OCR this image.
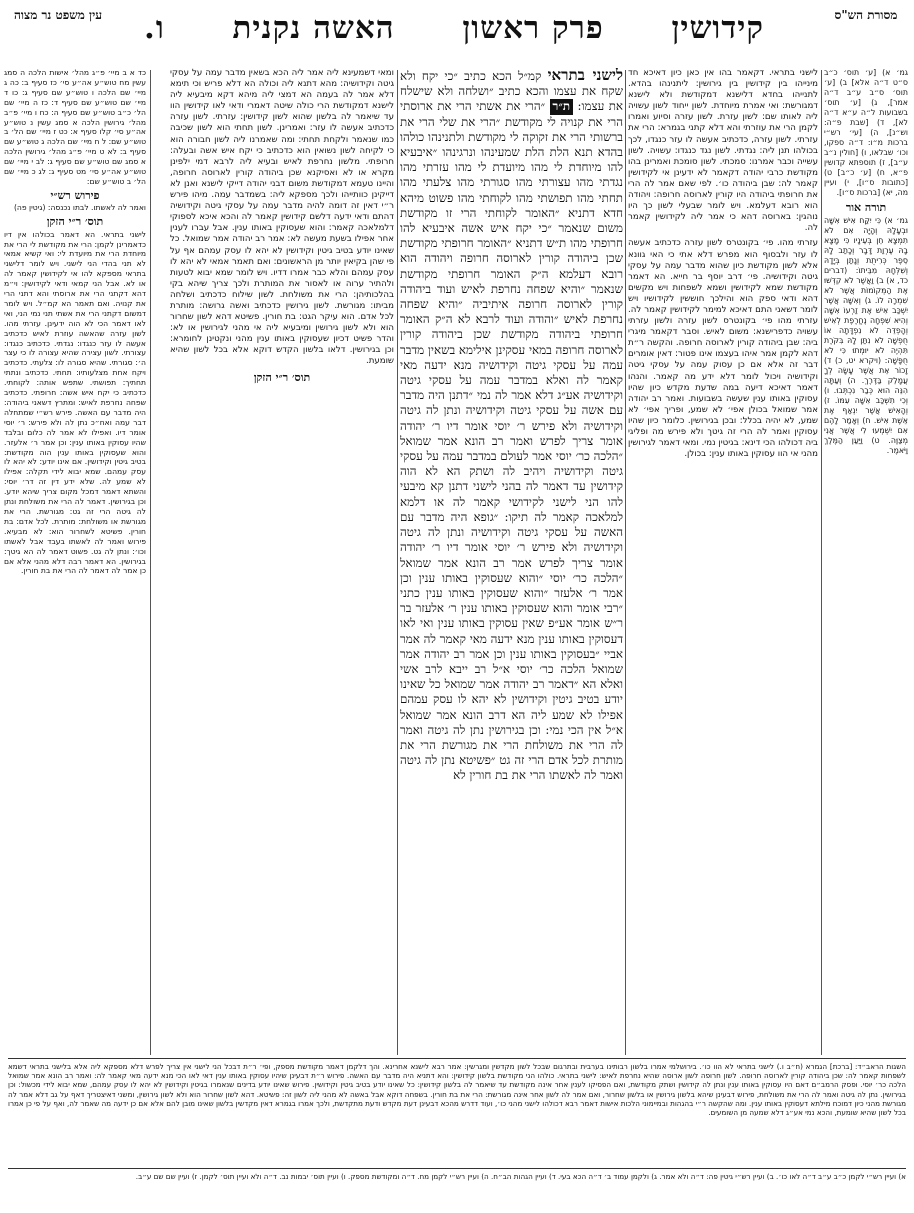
מסורת הש"ס
קידושין
פרק ראשון
האשה נקנית
ו.
עין משפט נר מצוה
גמ׳ א) [ע׳ תוס׳ כ״ב ס״ט ד״ה אלא] ב) [ע׳ תוס׳ ס״ב ע״ב ד״ה אמר], ג) [ע׳ תוס׳ בשבועות ל״ה ע״א ד״ה לא], ד) [שבת פ״ה: וש״נ], ה) [עי׳ רש״י ברכות מ״ו: ד״ה ספקו, וכו׳ שבלאו, ו) [חולין נ״ב ע״ב], ז) תוספתא קדושין פ״א, ח) [ע׳ כ״ב] ט) [כתובות ס״ו], י) ועיין מה, יא) [ברכות ס״ו].
תורה אור
גמ׳ א) כִּי יִקַּח אִישׁ אִשָּׁה וּבְעָלָהּ וְהָיָה אִם לֹא תִמְצָא חֵן בְּעֵינָיו כִּי מָצָא בָהּ עֶרְוַת דָּבָר וְכָתַב לָהּ סֵפֶר כְּרִיתֻת וְנָתַן בְּיָדָהּ וְשִׁלְּחָהּ מִבֵּיתוֹ: (דברים כד, א) ב) וַאֲשֶׁר לֹא קִדְּשׁוּ אֶת הַמְּקוֹמוֹת אֲשֶׁר לֹא שִׁמְרָה לוֹ. ג) וְאִשָּׁה אֲשֶׁר יִשְׁכַּב אִישׁ אֶת זַרְעוֹ אִשָּׁה וְהִיא שִׁפְחָה נֶחֱרֶפֶת לְאִישׁ וְהָפְדֵּה לֹא נִפְדָּתָה אוֹ חֻפְשָׁה לֹא נִתַּן לָהּ בִּקֹּרֶת תִּהְיֶה לֹא יוּמְתוּ כִּי לֹא חֻפָּשָׁה: (ויקרא יט, כ) ד) זָכוֹר אֵת אֲשֶׁר עָשָׂה לְךָ עֲמָלֵק בַּדֶּרֶךְ. ה) וְעַתָּה הִנֵּה הוּא כְּבַר נִכְתְּבוּ. ו) וְכִי תִשְׁכַּב אִשָּׁה עִמּוֹ. ז) וְהָאִישׁ אֲשֶׁר יִנְאַף אֶת אֵשֶׁת אִישׁ. ח) וְאָמַר לָהֶם אִם יִשְׁמְעוּ לִי אֲשֶׁר אֲנִי מְצַוֶּה. ט) וַיַּעַן הַמֶּלֶךְ וַיֹּאמֶר.
לישני בתראי. דקאמר בהו אין כאן כיון דאיכא חד מינייהו בין קידושין בין גירושין: ליתנינהו בהדא. לתנייהו בחדא דלישנא דמקודשת ולא לישנא דמגורשת: ואי אמרת מיוחדת. לשון ייחוד לשון עשויה ליה לאותו שם: לשון עזרת. לשון עזרה וסיוע ואמרו לקמן הרי את עוזרתי והא דלא קתני בגמרא: הרי את עזרתי. לשון עזרה, כדכתיב אעשה לו עזר כנגדו, לכך בכולהו תנן ליה: נגדתי. לשון נגד כנגדו: עשויה. לשון עשייה וכבר אמרנו: סמכתי. לשון סומכת ואמרינן בהו מקודשת כרבי יהודה דקאמר לא ידעינן אי לקידושין קאמר לה: שבן ביהודה כו׳. לפי שאם אמר לה הרי את חרופתי ביהודה היו קורין לארוסה חרופה: ויהודה הוא רובא דעלמא. ויש לומר שבעלי לשון כך היו נוהגין: בארוסה דהא כי אמר ליה לקידושין קאמר לה.
עזרתי מהו. פי׳ בקונטרס לשון עזרה כדכתיב אעשה לו עזר ולבסוף הוא מפרש דלא אתי כי האי גוונא אלא לשון מקודשת כיון שהוא מדבר עמה על עסקי גיטה וקידושיה. פי׳ דרב יוסף בר חייא. הא דאמר מקודשת שמא לקידושין ושמא לשפחות ויש מקשים דהא ודאי ספק הוא והילכך חוששין לקידושיו ויש לומר דשאני התם דאיכא למימר לקידושין קאמר לה. עזרתי מהו פי׳ בקונטרס לשון עזרה ולשון עזרתי עשויה כדפרישנא: משום לאיש. וסבר דקאמר מיגרי ביה: שבן ביהודה קורין לארוסה חרופה. והקשה ר״ת דהא לקמן אמר איהו בעצמו אינו פטור: דאין אומרים דבר זה אלא אם כן עסוק עמה על עסקי גיטה וקידושיה ויכול לומר דלא ידע מה קאמר. והנהו דאמר דאיכא דיעה במה שדעת מקדש כיון שהיו עסוקין באותו ענין שעשה בשבועות. ואמר רב יהודה אמר שמואל בכולן אפי׳ לא שמע, ופריך אפי׳ לא שמע, לא יהיה בכלל: ובכן בגירושין. כלומר כיון שהיו עסוקין ואמר לה הרי זה גיטך ולא פירש מה ופליגי ביה דכולהו הכי דינא: בגיטין נמי. ומאי דאמר לגירושין מהני אי הוו עסוקין באותו ענין: בכולן.
לישני בתראי קמ״ל הכא כתיב ״כי יקח ולא שקח את עצמו והכא כתיב ״ושלחה ולא שישלח את עצמו: ת״ר ״הרי את אשתי הרי את ארוסתי הרי את קנויה לי מקודשת ״הרי את שלי הרי את ברשותי הרי את זקוקה לי מקודשת ולתנינהו כולהו בהדא תנא הלת הלת שמעינהו ונרגינהו ״איבעיא להו מיוחדת לי מהו מיועדת לי מהו עזרתי מהו נגדתי מהו עצורתי מהו סגורתי מהו צלעתי מהו תחתי מהו תפושתי מהו לקוחתי מהו פשוט מיהא חדא דתניא ״האומר לקוחתי הרי זו מקודשת משום שנאמר ״כי יקח איש אשה איבעיא להו חרופתי מהו ת״ש דתניא ״האומר חרופתי מקודשת שכן ביהודה קורין לארוסה חרופה ויהודה הוא רובא דעלמא ה״ק האומר חרופתי מקודשת שנאמר ״והיא שפחה נחרפת לאיש ועוד ביהודה קורין לארוסה חרופה איתיביה ״והיא שפחה נחרפת לאיש ״והודה ועוד לרבא לא ה״ק האומר חרופתי ביהודה מקודשת שכן ביהודה קורין לארוסה חרופה במאי עסקינן אילימא בשאין מדבר עמה על עסקי גיטה וקידושיה מנא ידעה מאי קאמר לה ואלא במדבר עמה על עסקי גיטה וקידושיה אע״ג דלא אמר לה נמי ״דתנן היה מדבר עם אשה על עסקי גיטה וקידושיה ונתן לה גיטה וקידושיה ולא פירש ר׳ יוסי אומר דיו ר׳ יהודה אומר צריך לפרש ואמר רב הונא אמר שמואל ״הלכה כר׳ יוסי אמר לעולם במדבר עמה על עסקי גיטה וקידושיה ויהיב לה ושתק הא לא הוה קידושין עד דאמר לה בהני לישני דתנן קא מיבעי להו הני לישני לקידושי קאמר לה או דלמא למלאכה קאמר לה תיקו: ״גופא היה מדבר עם האשה על עסקי גיטה וקידושיה ונתן לה גיטה וקידושיה ולא פירש ר׳ יוסי אומר דיו ר׳ יהודה אומר צריך לפרש אמר רב הונא אמר שמואל ״הלכה כר׳ יוסי ״והוא שעסוקין באותו ענין וכן אמר ר׳ אלעזר ״והוא שעסוקין באותו ענין כתני ״רבי אומר והוא שעסוקין באותו ענין ר׳ אלעזר בר ר״ש אומר אע״פ שאין עסוקין באותו ענין ואי לאו דעסוקין באותו ענין מנא ידעה מאי קאמר לה אמר אביי ״בעסוקין באותו ענין וכן אמר רב יהודה אמר שמואל הלכה כר׳ יוסי א״ל רב ייבא לרב אשי ואלא הא ״דאמר רב יהודה אמר שמואל כל שאינו יודע בטיב גיטין וקידושין לא יהא לו עסק עמהם אפילו לא שמע ליה הא דרב הונא אמר שמואל א״ל אין הכי נמי: וכן בגירושין נתן לה גיטה ואמר לה הרי את משולחת הרי את מגורשת הרי את מותרת לכל אדם הרי זה גט ״פשיטא נתן לה גיטה ואמר לה לאשתו הרי את בת חורין לא
ומאי דשמעינא ליה אמר ליה הכא בשאין מדבר עמה על עסקי גיטה וקידושיה: מהא דתנא ליה וכולה הא דלא פריש וכי תימא דלא אמר לה בעמה הא דמצי ליה מיהא דקא מיבעיא ליה לישנא דמקודשת הרי כולה שיטה דאמרי ודאי לאו קידושין הוו עד שיאמר לה בלשון שהוא לשון קידושין: עזרתי. לשון עזרה כדכתיב אעשה לו עזר: ואמרינן. לשון תחתי הוא לשון שכיבה כמו שנאמר ולקחת תחתי: ומה שאמרנו ליה לשון חבורה הוא כי לקיחה לשון נשואין הוא כדכתיב כי יקח איש אשה ובעלה: חרופתי. מלשון נחרפת לאיש ובעיא ליה לרבא דמי ילפינן מקרא או לא ואסיקנא שכן ביהודה קורין לארוסה חרופה, והיינו טעמא דמקודשת משום דבני יהודה דייקי לישנא ואנן לא דייקינן כוותייהו ולכך מספקא ליה: בשמדבר עמה. מיהו פירש ר״י דאין זה דומה להיה מדבר עמה על עסקי גיטה וקידושיה דהתם ודאי ידעה דלשם קידושין קאמר לה והכא איכא לספוקי דלמלאכה קאמר: והוא שעסוקין באותו ענין. אבל עברו לענין אחר אפילו בשעת מעשה לא: אמר רב יהודה אמר שמואל. כל שאינו יודע בטיב גיטין וקידושין לא יהא לו עסק עמהם אף על פי שהן בקיאין יותר מן הראשונים: ואם תאמר אמאי לא יהא לו עסק עמהם והלא כבר אמרו דדיו. ויש לומר שמא יבוא לטעות ולהתיר ערוה או לאסור את המותרת ולכך צריך שיהא בקי בהלכותיהן: הרי את משולחת. לשון שילוח כדכתיב ושלחה מביתו: מגורשת. לשון גירושין כדכתיב ואשה גרושה: מותרת לכל אדם. הוא עיקר הגט: בת חורין. פשיטא דהא לשון שחרור הוא ולא לשון גירושין ומיבעיא ליה אי מהני לגירושין או לא: והדר פשיט דכיון שעסוקין באותו ענין מהני ונקטינן לחומרא: וכן בגירושין. דלאו בלשון הקדש דוקא אלא בכל לשון שהיא שומעת.
תוס׳ ר״י הזקן
כד א ב מיי׳ פ״ג מהל׳ אישות הלכה ה סמג עשין מח טוש״ע אה״ע סי׳ כז סעיף ב: כה ג מיי׳ שם הלכה ו טוש״ע שם סעיף ג: כו ד מיי׳ שם טוש״ע שם סעיף ד: כז ה מיי׳ שם הל׳ כ״ב טוש״ע שם סעיף ה: כח ו מיי׳ פ״ב מהל׳ גירושין הלכה א סמג עשין נ טוש״ע אה״ע סי׳ קלו סעיף א: כט ז מיי׳ שם הל׳ ב טוש״ע שם: ל ח מיי׳ שם הלכה ג טוש״ע שם סעיף ב: לא ט מיי׳ פ״ג מהל׳ גירושין הלכה א סמג שם טוש״ע שם סעיף ג: לב י מיי׳ שם טוש״ע אה״ע סי׳ מט סעיף ג: לג כ מיי׳ שם הל׳ ב טוש״ע שם:
פירוש רש״י
ואמר לה לאשתו. לבתו נכנסה: (גיטין פה)
תוס׳ ר״י הזקן
לישני בתראי. הא דאמר בכולהו אין דיו כדאמרינן לקמן: הרי את מקודשת לי הרי את מיוחדת הרי את מיועדת לי: ואי קשיא אמאי לא תני בהדי הני לישני. ויש לומר דלישני בתראי מספקא להו אי לקידושין קאמר לה או לא. אבל הני קמאי ודאי לקידושין: וי״מ דהא דקתני הרי את ארוסתי והא דתני הרי את קנויה. ואם תאמר הא קמ״ל. ויש לומר דמשום דקתני הרי את אשתי תני נמי הני, ואי לאו דאמר הכי לא הוה ידעינן. עזרתי מהו. לשון עזרה שהאשה עוזרת לאיש כדכתיב אעשה לו עזר כנגדו: נגדתי. כדכתיב כנגדו: עצורתי. לשון עצירה שהיא עצורה לו כי עצר ה׳: סגורתי. שהיא סגורה לו: צלעתי. כדכתיב ויקח אחת מצלעותיו: תחתי. כדכתיב ונתתי תחתיך: תפושתי. שתפש אותה: לקוחתי. כדכתיב כי יקח איש אשה: חרופתי. כדכתיב שפחה נחרפת לאיש: ומתרץ דשאני ביהודה: היה מדבר עם האשה. פירש רש״י שמתחלה דבר עמה ואח״כ נתן לה ולא פירש: ר׳ יוסי אומר דיו. ואפילו לא אמר לה כלום ובלבד שהיו עסוקין באותו ענין: וכן אמר ר׳ אלעזר. והוא שעסוקין באותו ענין הוה מקודשת: בטיב גיטין וקידושין. אם אינו יודע: לא יהא לו עסק עמהם. שמא יבוא לידי תקלה: אפילו לא שמע לה. שלא ידע דין זה דר׳ יוסי: והשתא דאמר דמכל מקום צריך שיהא יודע. וכן בגירושין. דאמר לה הרי את משולחת ונתן לה גיטה הרי זה גט: מגורשת. הרי את מגורשת או משולחת: מותרת. לכל אדם: בת חורין. פשיטא לשחרור הוא: לא מבעיא. פירוש ואמר לה לאשתו בעבד אבל לאשתו וכו׳: ונתן לה גט. פשוט דאמר לה הא גיטך: בגירושין. הא דאמר רבה דלא מהני אלא אם כן אמר לה דאמר לה הרי את בת חורין.
השגות הראב״ד: [ברכת] הגמרא (ח״ב ו.) לישני בתראי לא הוו כו׳. בירושלמי אמרו בלשון רבותינו בערבית ובתרגום שבכל לשון מקדשין ומגרשין: אמר רבא לישנא אחרינא. והך דלקמן דאמר מקודשת מספק, ופי׳ ר״ת דבכל הני לישני אין צריך לפרש דלא מספקא ליה אלא בלישני בתראי דשמא לשפחות קאמר לה: שכן ביהודה קורין לארוסה חרופה. לשון חרופה לשון ארוסה שהיא נחרפת לאיש: לישני בתראי. כולהו הני מקודשת בלשון קידושין: והא דתניא היה מדבר עם האשה. פירוש ר״ת דבעינן שיהיו עסוקין באותו ענין דאי לאו הכי מנא ידעה מאי קאמר לה: ואמר רב הונא אמר שמואל הלכה כר׳ יוסי. ופסק הרמב״ם דאם היו עסוקין באותו ענין ונתן לה קידושין ושתק מקודשת, ואם הפסיקו לענין אחר אינה מקודשת עד שיאמר לה בלשון קידושין: כל שאינו יודע בטיב גיטין וקידושין. פירוש שאינו יודע בדינים שנאמרו בגיטין וקידושין לא יהא לו עסק עמהם, שמא יבוא לידי מכשול: וכן בגירושין. נתן לה גיטה ואמר לה הרי את משולחת, פירוש דבעינן שיהא בלשון גירושין או בלשון שחרור, ואם אמר לה לשון אחר אינה מגורשת: הרי את בת חורין. בשפחה דוקא אבל באשה לא מהני ליה לשון זה: פשיטא. דהא לשון שחרור הוא ולא לשון גירושין, ומשני דאיצטריך דאף על גב דלא אמר לה מגורשת מהני כיון דמוכח מילתא דעסוקין באותו ענין. ומה שהקשה ר״י בהגהות ובמיימוני הלכות אישות דאמר רבא דכולהו לישני מהני כו׳, ועוד דדרש מהכא דבעינן דעת מקדש ודעת מתקדשת, ולכך אמרו בגמרא דאין מקדשין בלשון שאינו מובן להם אלא אם כן ידעה מה שאמר לה, ואף על פי כן אמרו בכל לשון שהיא שומעת, והכא נמי אע״ג דלא שמעה מן השומעים.
א) ועיין רש״י לקמן כ״ב ע״ב ד״ה לאו כו׳. ב) ועיין רש״י גיטין פה: ד״ה ולא אמר. ג) ולקמן עמוד ב׳ ד״ה הכא בעי. ד) ועיין הגהות הב״ח. ה) ועיין רש״י לקמן מח. ד״ה ומקודשת מספק. ו) ועיין תוס׳ יבמות נב. ד״ה ולא ועיין תוס׳ לקמן. ז) ועיין שם שם ע״ב.
